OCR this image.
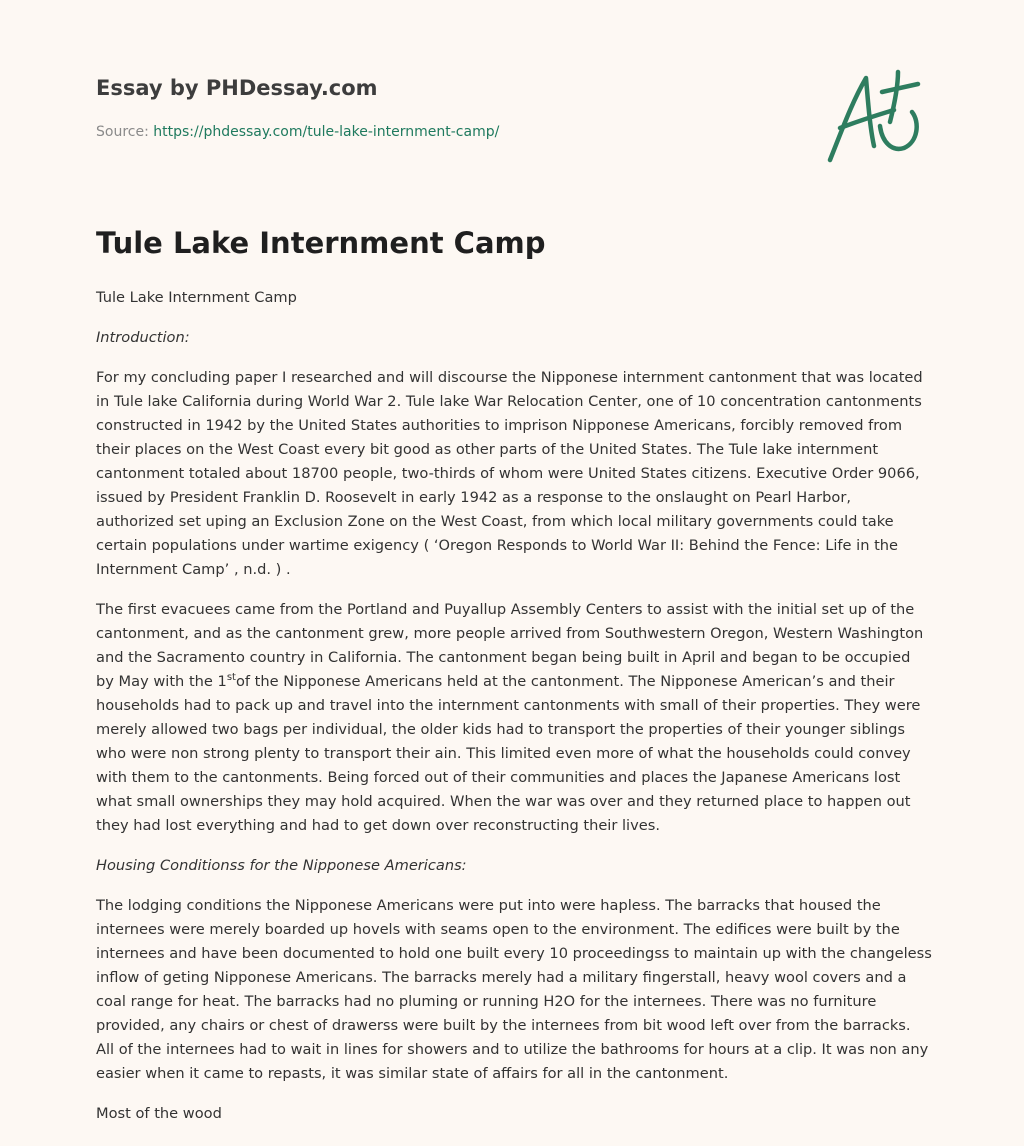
Essay by PHDessay.com
Source: https://phdessay.com/tule-lake-internment-camp/
Tule Lake Internment Camp

Tule Lake Internment Camp

Introduction:

For my concluding paper I researched and will discourse the Nipponese internment cantonment that was located in Tule lake California during World War 2. Tule lake War Relocation Center, one of 10 concentration cantonments constructed in 1942 by the United States authorities to imprison Nipponese Americans, forcibly removed from their places on the West Coast every bit good as other parts of the United States. The Tule lake internment cantonment totaled about 18700 people, two-thirds of whom were United States citizens. Executive Order 9066, issued by President Franklin D. Roosevelt in early 1942 as a response to the onslaught on Pearl Harbor, authorized set uping an Exclusion Zone on the West Coast, from which local military governments could take certain populations under wartime exigency ( ‘Oregon Responds to World War II: Behind the Fence: Life in the Internment Camp’ , n.d. ) .

The first evacuees came from the Portland and Puyallup Assembly Centers to assist with the initial set up of the cantonment, and as the cantonment grew, more people arrived from Southwestern Oregon, Western Washington and the Sacramento country in California. The cantonment began being built in April and began to be occupied by May with the 1stof the Nipponese Americans held at the cantonment. The Nipponese American’s and their households had to pack up and travel into the internment cantonments with small of their properties. They were merely allowed two bags per individual, the older kids had to transport the properties of their younger siblings who were non strong plenty to transport their ain. This limited even more of what the households could convey with them to the cantonments. Being forced out of their communities and places the Japanese Americans lost what small ownerships they may hold acquired. When the war was over and they returned place to happen out they had lost everything and had to get down over reconstructing their lives.

Housing Conditionss for the Nipponese Americans:

The lodging conditions the Nipponese Americans were put into were hapless. The barracks that housed the internees were merely boarded up hovels with seams open to the environment. The edifices were built by the internees and have been documented to hold one built every 10 proceedingss to maintain up with the changeless inflow of geting Nipponese Americans. The barracks merely had a military fingerstall, heavy wool covers and a coal range for heat. The barracks had no pluming or running H2O for the internees. There was no furniture provided, any chairs or chest of drawerss were built by the internees from bit wood left over from the barracks. All of the internees had to wait in lines for showers and to utilize the bathrooms for hours at a clip. It was non any easier when it came to repasts, it was similar state of affairs for all in the cantonment.

Most of the wood
